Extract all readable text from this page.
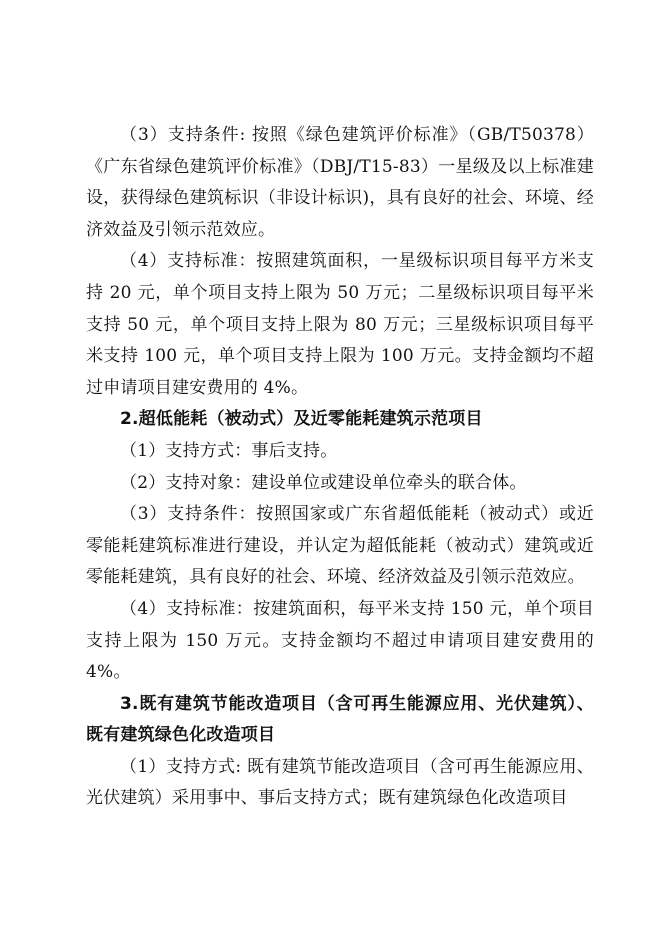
（3）支持条件: 按照《绿色建筑评价标准》（GB/T50378）《广东省绿色建筑评价标准》（DBJ/T15-83）一星级及以上标准建设，获得绿色建筑标识（非设计标识)，具有良好的社会、环境、经济效益及引领示范效应。

（4）支持标准：按照建筑面积，一星级标识项目每平方米支持 20 元，单个项目支持上限为 50 万元；二星级标识项目每平米支持 50 元，单个项目支持上限为 80 万元；三星级标识项目每平米支持 100 元，单个项目支持上限为 100 万元。支持金额均不超过申请项目建安费用的 4%。

2.超低能耗（被动式）及近零能耗建筑示范项目

（1）支持方式：事后支持。

（2）支持对象：建设单位或建设单位牵头的联合体。

（3）支持条件：按照国家或广东省超低能耗（被动式）或近零能耗建筑标准进行建设，并认定为超低能耗（被动式）建筑或近零能耗建筑，具有良好的社会、环境、经济效益及引领示范效应。

（4）支持标准：按建筑面积，每平米支持 150 元，单个项目支持上限为 150 万元。支持金额均不超过申请项目建安费用的 4%。

3.既有建筑节能改造项目（含可再生能源应用、光伏建筑）、既有建筑绿色化改造项目

（1）支持方式: 既有建筑节能改造项目（含可再生能源应用、光伏建筑）采用事中、事后支持方式；既有建筑绿色化改造项目
